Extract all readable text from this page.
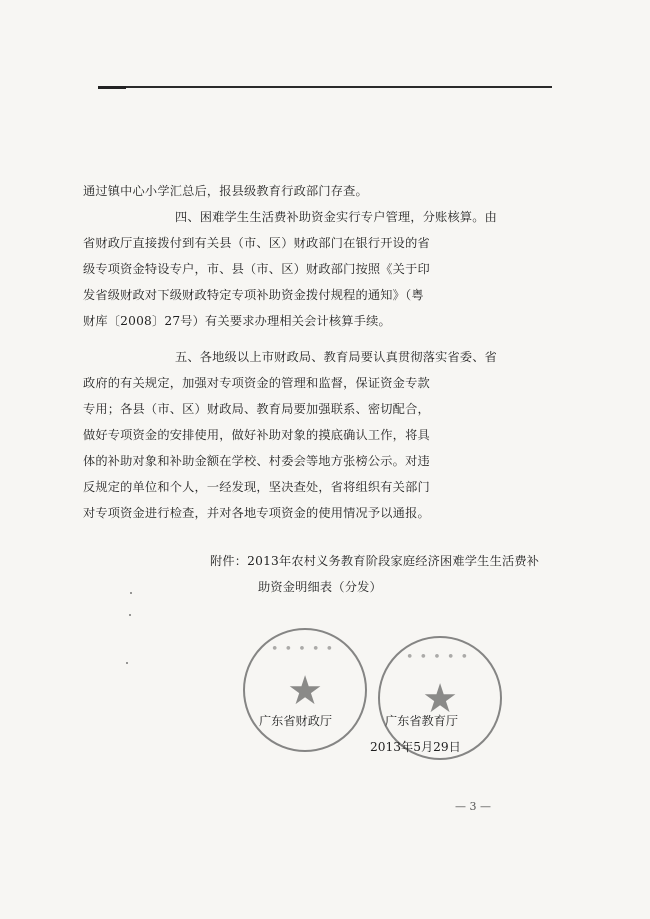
通过镇中心小学汇总后，报县级教育行政部门存查。
四、困难学生生活费补助资金实行专户管理，分账核算。由
省财政厅直接拨付到有关县（市、区）财政部门在银行开设的省
级专项资金特设专户，市、县（市、区）财政部门按照《关于印
发省级财政对下级财政特定专项补助资金拨付规程的通知》（粤
财库〔2008〕27号）有关要求办理相关会计核算手续。
五、各地级以上市财政局、教育局要认真贯彻落实省委、省
政府的有关规定，加强对专项资金的管理和监督，保证资金专款
专用；各县（市、区）财政局、教育局要加强联系、密切配合，
做好专项资金的安排使用，做好补助对象的摸底确认工作，将具
体的补助对象和补助金额在学校、村委会等地方张榜公示。对违
反规定的单位和个人，一经发现，坚决查处，省将组织有关部门
对专项资金进行检查，并对各地专项资金的使用情况予以通报。
附件：2013年农村义务教育阶段家庭经济困难学生生活费补
助资金明细表（分发）
•••••
★
•••••
★
广东省财政厅	广东省教育厅
2013年5月29日
— 3 —
